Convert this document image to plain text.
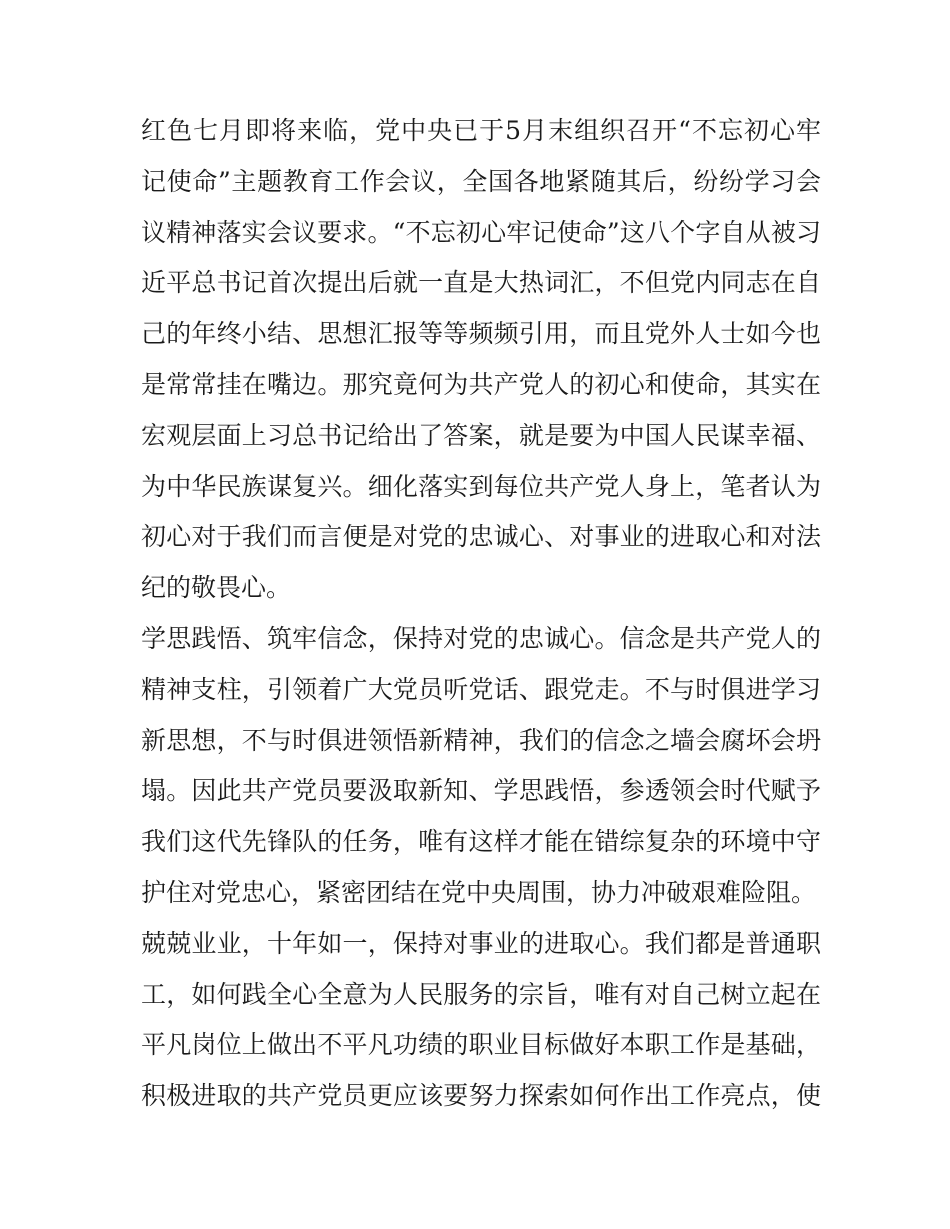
红色七月即将来临，党中央已于5月末组织召开“不忘初心牢
记使命”主题教育工作会议，全国各地紧随其后，纷纷学习会
议精神落实会议要求。“不忘初心牢记使命”这八个字自从被习
近平总书记首次提出后就一直是大热词汇，不但党内同志在自
己的年终小结、思想汇报等等频频引用，而且党外人士如今也
是常常挂在嘴边。那究竟何为共产党人的初心和使命，其实在
宏观层面上习总书记给出了答案，就是要为中国人民谋幸福、
为中华民族谋复兴。细化落实到每位共产党人身上，笔者认为
初心对于我们而言便是对党的忠诚心、对事业的进取心和对法
纪的敬畏心。
学思践悟、筑牢信念，保持对党的忠诚心。信念是共产党人的
精神支柱，引领着广大党员听党话、跟党走。不与时俱进学习
新思想，不与时俱进领悟新精神，我们的信念之墙会腐坏会坍
塌。因此共产党员要汲取新知、学思践悟，参透领会时代赋予
我们这代先锋队的任务，唯有这样才能在错综复杂的环境中守
护住对党忠心，紧密团结在党中央周围，协力冲破艰难险阻。
兢兢业业，十年如一，保持对事业的进取心。我们都是普通职
工，如何践全心全意为人民服务的宗旨，唯有对自己树立起在
平凡岗位上做出不平凡功绩的职业目标做好本职工作是基础，
积极进取的共产党员更应该要努力探索如何作出工作亮点，使
